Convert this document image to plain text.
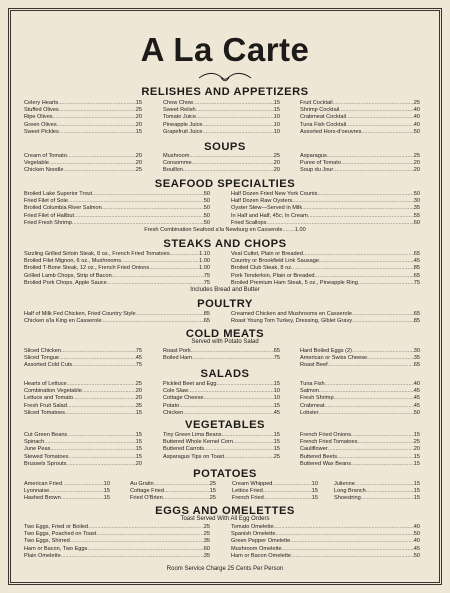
A La Carte
RELISHES AND APPETIZERS
Celery Hearts .....	.15
Stuffed Olives .....	.25
Ripe Olives .....	.20
Green Olives .....	.20
Sweet Pickles .....	.15
Chow Chow .....	.15
Sweet Relish .....	.15
Tomato Juice .....	.10
Pineapple Juice .....	.10
Grapefruit Juice .....	.10
Fruit Cocktail .....	.25
Shrimp Cocktail .....	.40
Crabmeat Cocktail .....	.40
Tuna Fish Cocktail .....	.40
Assorted Hors-d'oeuvres .....	.50
SOUPS
Cream of Tomato .....	.20
Vegetable .....	.20
Chicken Noodle .....	.25
Mushroom .....	.25
Consomme .....	.20
Bouillon .....	.20
Asparagus .....	.25
Puree of Tomato .....	.20
Soup du Jour .....	.20
SEAFOOD SPECIALTIES
Broiled Lake Superior Trout .....	.50
Fried Filet of Sole .....	.50
Broiled Columbia River Salmon .....	.50
Fried Filet of Halibut .....	.50
Fried Fresh Shrimp .....	.50
Half Dozen Fried New York Counts .....	.50
Half Dozen Raw Oysters .....	.30
Oyster Stew—Served in Milk .....	.35
In Half and Half, 45c; In Cream .....	.55
Fried Scallops .....	.60
Fresh Combination Seafood a'la Newburg en Casserole ........ 1.00
STEAKS AND CHOPS
Sizzling Grilled Sirloin Steak, 8 oz., French Fried Tomatoes .....	1.10
Broiled Filet Mignon, 6 oz., Mushrooms .....	1.00
Broiled T-Bone Steak, 12 oz., French Fried Onions .....	1.00
Grilled Lamb Chops, Strip of Bacon .....	.75
Broiled Pork Chops, Apple Sauce .....	.75
Veal Cutlet, Plain or Breaded .....	.65
Country or Brookfield Link Sausage .....	.45
Broiled Club Steak, 8 oz. .....	.85
Pork Tenderloin, Plain or Breaded .....	.65
Broiled Premium Ham Steak, 5 oz., Pineapple Ring .....	.75
Includes Bread and Butter
POULTRY
Half of Milk Fed Chicken, Fried Country Style .....	.85
Chicken a'la King en Casserole .....	.65
Creamed Chicken and Mushrooms en Casserole .....	.65
Roast Young Tom Turkey, Dressing, Giblet Gravy .....	.85
COLD MEATS
Served with Potato Salad
Sliced Chicken .....	.75
Sliced Tongue .....	.45
Assorted Cold Cuts .....	.75
Roast Pork .....	.65
Boiled Ham .....	.75
Hard Boiled Eggs (2) .....	.30
American or Swiss Cheese .....	.35
Roast Beef .....	.65
SALADS
Hearts of Lettuce .....	.25
Combination Vegetable .....	.20
Lettuce and Tomato .....	.20
Fresh Fruit Salad .....	.35
Sliced Tomatoes .....	.15
Pickled Beet and Egg .....	.15
Cole Slaw .....	.10
Cottage Cheese .....	.10
Potato .....	.15
Chicken .....	.45
Tuna Fish .....	.40
Salmon .....	.45
Fresh Shrimp .....	.45
Crabmeat .....	.45
Lobster .....	.50
VEGETABLES
Cut Green Beans .....	.15
Spinach .....	.15
June Peas .....	.15
Stewed Tomatoes .....	.15
Brussels Sprouts .....	.20
Tiny Green Lima Beans .....	.15
Buttered Whole Kernel Corn .....	.15
Buttered Carrots .....	.15
Asparagus Tips on Toast .....	.25
French Fried Onions .....	.15
French Fried Tomatoes .....	.25
Cauliflower .....	.20
Buttered Beets .....	.15
Buttered Wax Beans .....	.15
POTATOES
American Fried .....	.10
Lyonnaise .....	.15
Hashed Brown .....	.15
Au Gratin .....	.25
Cottage Fried .....	.15
Fried O'Brien .....	.25
Cream Whipped .....	.10
Lettice Fried .....	.15
French Fried .....	.15
Julienne .....	.15
Long Branch .....	.15
Shoestring .....	.15
EGGS AND OMELETTES
Toast Served With All Egg Orders
Two Eggs, Fried or Boiled .....	.25
Two Eggs, Poached on Toast .....	.25
Two Eggs, Shirred .....	.35
Ham or Bacon, Two Eggs .....	.60
Plain Omelette .....	.35
Tomato Omelette .....	.40
Spanish Omelette .....	.50
Green Pepper Omelette .....	.40
Mushroom Omelette .....	.45
Ham or Bacon Omelette .....	.50
Room Service Charge 25 Cents Per Person
